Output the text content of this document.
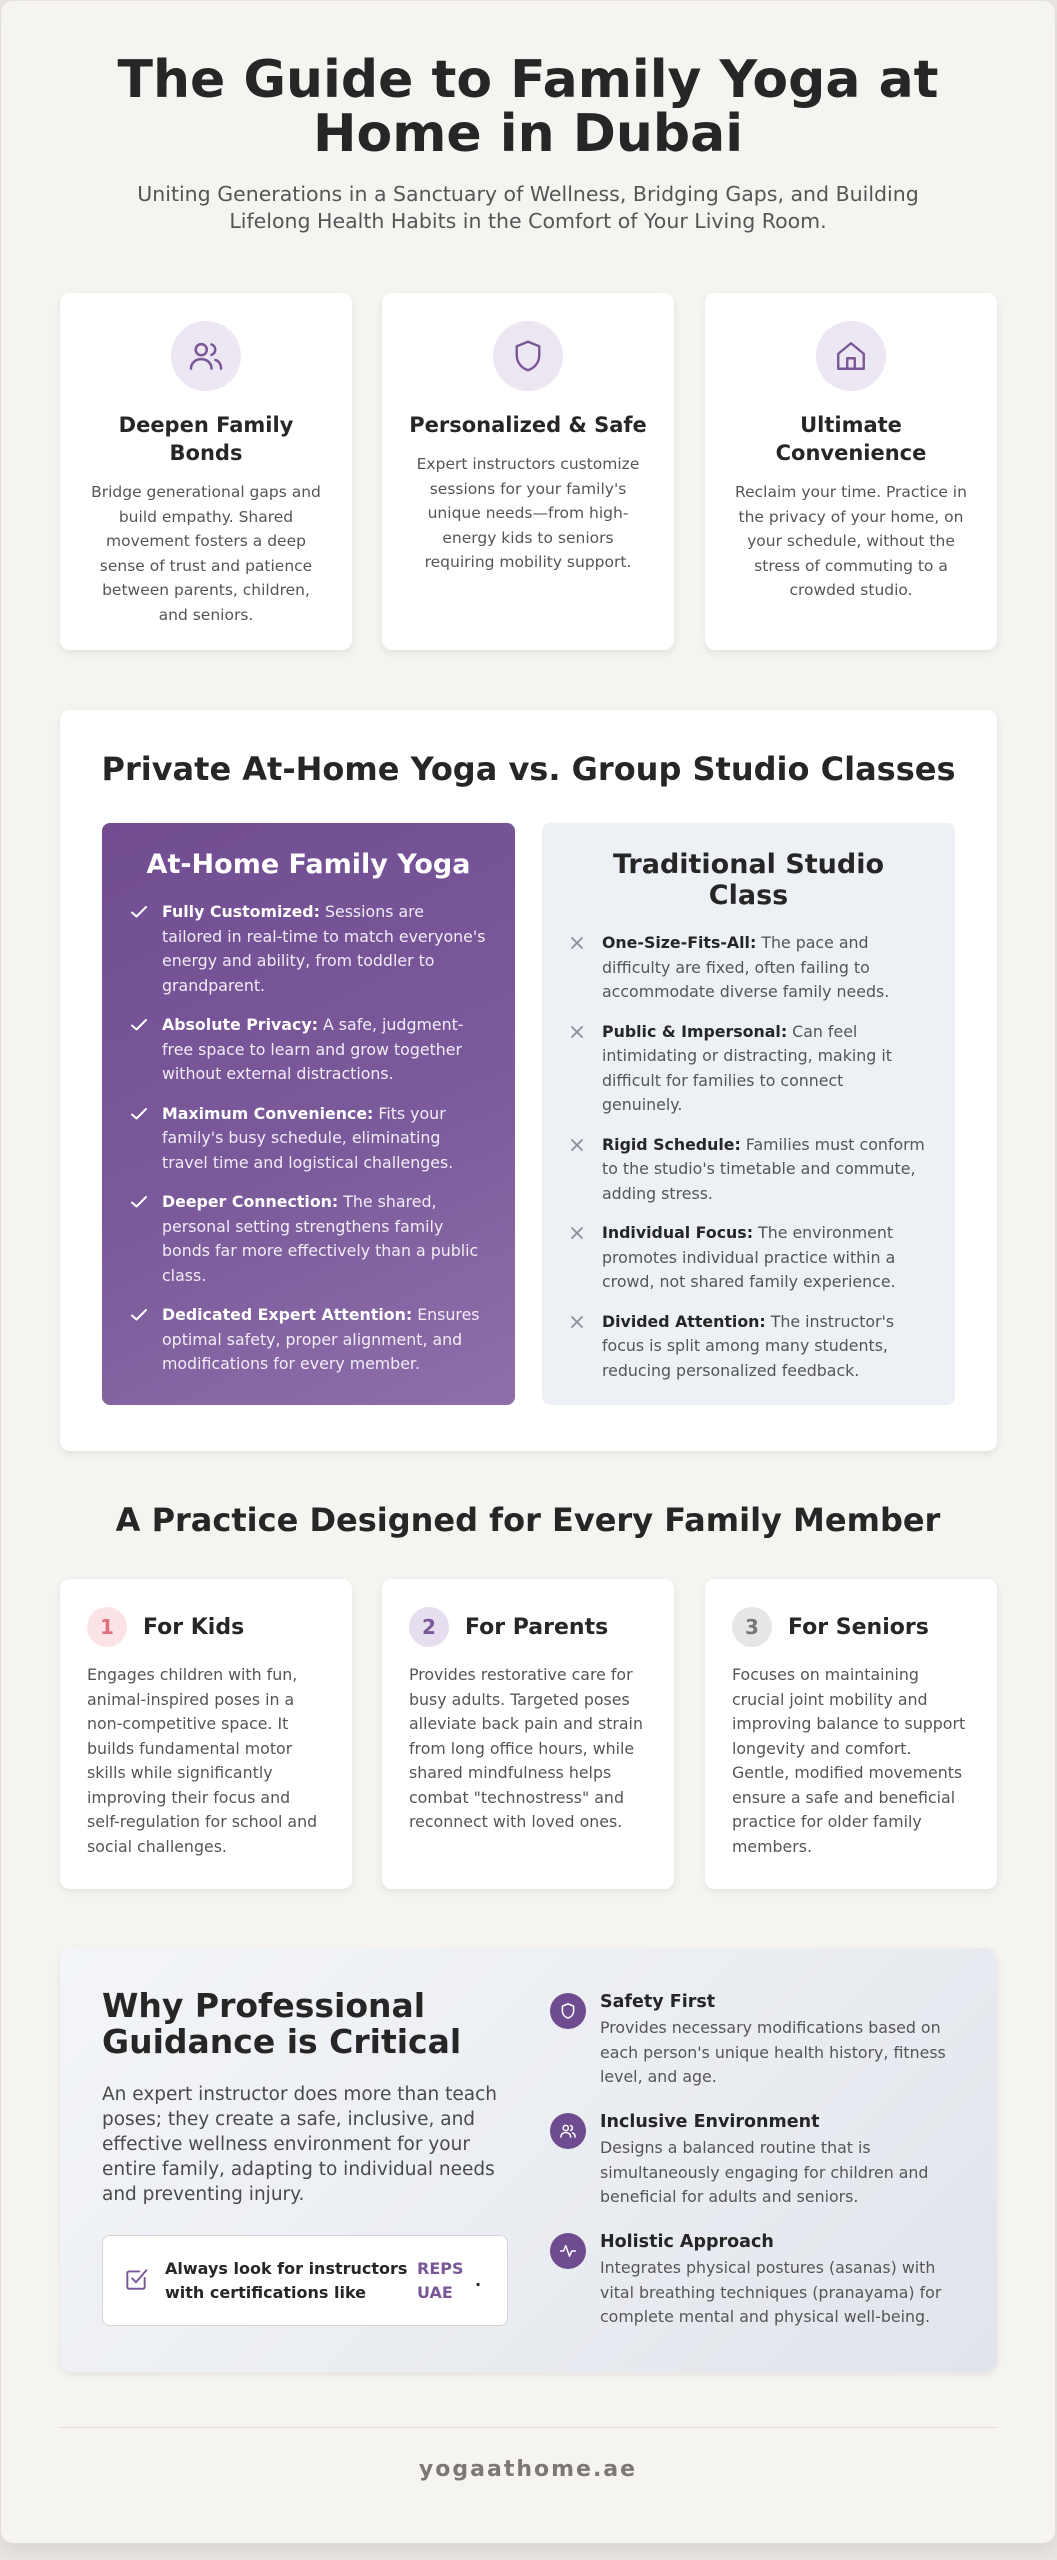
The Guide to Family Yoga at Home in Dubai

Uniting Generations in a Sanctuary of Wellness, Bridging Gaps, and Building Lifelong Health Habits in the Comfort of Your Living Room.

Deepen Family Bonds

Bridge generational gaps and build empathy. Shared movement fosters a deep sense of trust and patience between parents, children, and seniors.

Personalized & Safe

Expert instructors customize sessions for your family's unique needs—from high-energy kids to seniors requiring mobility support.

Ultimate Convenience

Reclaim your time. Practice in the privacy of your home, on your schedule, without the stress of commuting to a crowded studio.

Private At-Home Yoga vs. Group Studio Classes
At-Home Family Yoga
Fully Customized: Sessions are tailored in real-time to match everyone's energy and ability, from toddler to grandparent.
Absolute Privacy: A safe, judgment-free space to learn and grow together without external distractions.
Maximum Convenience: Fits your family's busy schedule, eliminating travel time and logistical challenges.
Deeper Connection: The shared, personal setting strengthens family bonds far more effectively than a public class.
Dedicated Expert Attention: Ensures optimal safety, proper alignment, and modifications for every member.
Traditional Studio Class
One-Size-Fits-All: The pace and difficulty are fixed, often failing to accommodate diverse family needs.
Public & Impersonal: Can feel intimidating or distracting, making it difficult for families to connect genuinely.
Rigid Schedule: Families must conform to the studio's timetable and commute, adding stress.
Individual Focus: The environment promotes individual practice within a crowd, not shared family experience.
Divided Attention: The instructor's focus is split among many students, reducing personalized feedback.
A Practice Designed for Every Family Member
1	For Kids

Engages children with fun, animal-inspired poses in a non-competitive space. It builds fundamental motor skills while significantly improving their focus and self-regulation for school and social challenges.

2	For Parents

Provides restorative care for busy adults. Targeted poses alleviate back pain and strain from long office hours, while shared mindfulness helps combat "technostress" and reconnect with loved ones.

3	For Seniors

Focuses on maintaining crucial joint mobility and improving balance to support longevity and comfort. Gentle, modified movements ensure a safe and beneficial practice for older family members.

Why Professional Guidance is Critical

An expert instructor does more than teach poses; they create a safe, inclusive, and effective wellness environment for your entire family, adapting to individual needs and preventing injury.

Always look for instructors with certifications like
REPS UAE
.
Safety First

Provides necessary modifications based on each person's unique health history, fitness level, and age.

Inclusive Environment

Designs a balanced routine that is simultaneously engaging for children and beneficial for adults and seniors.

Holistic Approach

Integrates physical postures (asanas) with vital breathing techniques (pranayama) for complete mental and physical well-being.

yogaathome.ae
